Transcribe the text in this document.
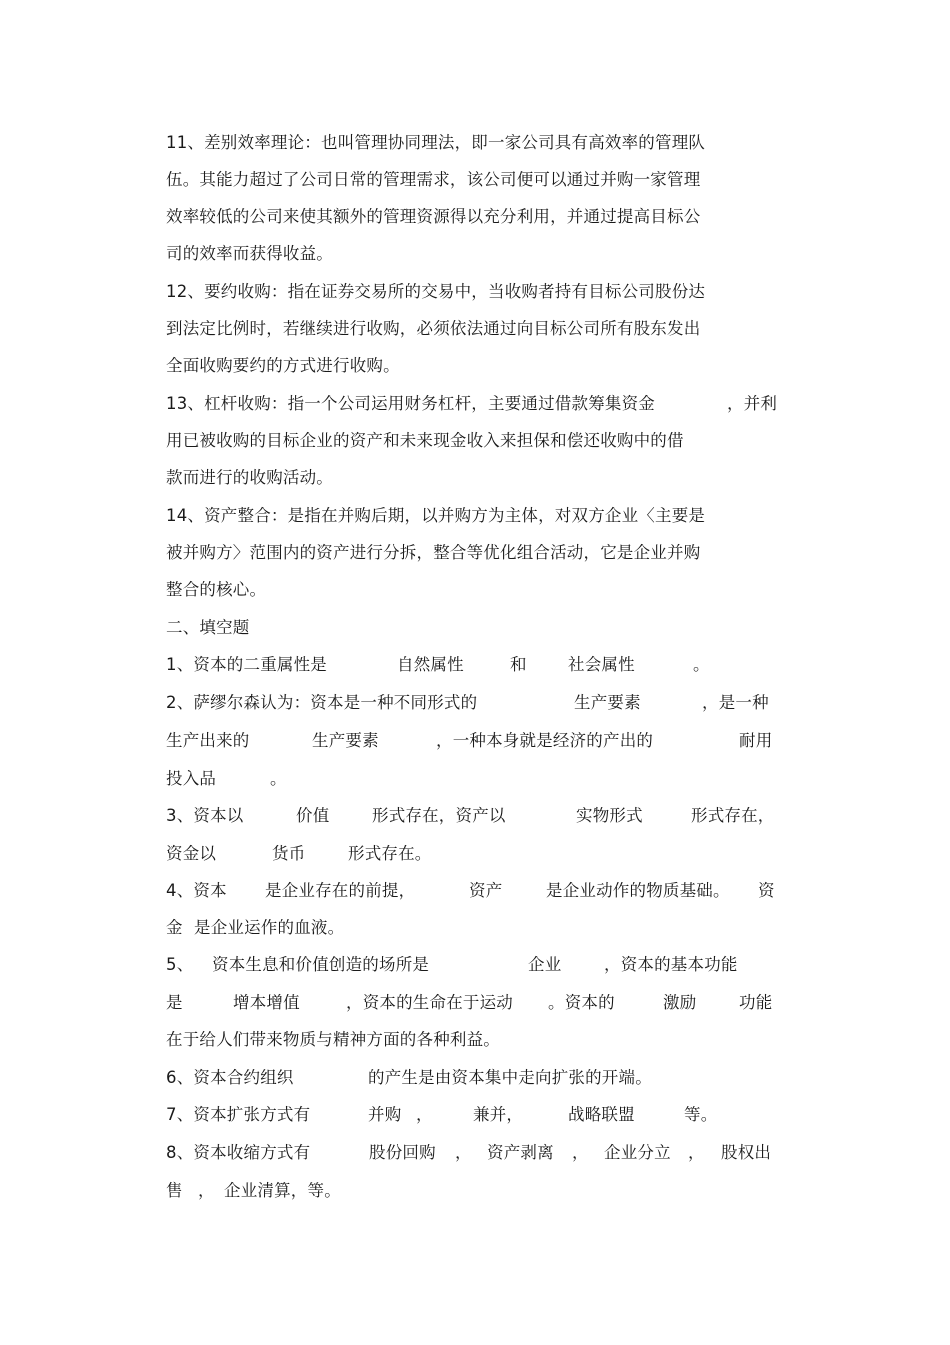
11、差别效率理论：也叫管理协同理法，即一家公司具有高效率的管理队
伍。其能力超过了公司日常的管理需求，该公司便可以通过并购一家管理
效率较低的公司来使其额外的管理资源得以充分利用，并通过提高目标公
司的效率而获得收益。
12、要约收购：指在证券交易所的交易中，当收购者持有目标公司股份达
到法定比例时，若继续进行收购，必须依法通过向目标公司所有股东发出
全面收购要约的方式进行收购。
13、杠杆收购：指一个公司运用财务杠杆，主要通过借款筹集资金	，并利
用已被收购的目标企业的资产和未来现金收入来担保和偿还收购中的借
款而进行的收购活动。
14、资产整合：是指在并购后期，以并购方为主体，对双方企业〈主要是
被并购方〉范围内的资产进行分拆，整合等优化组合活动，它是企业并购
整合的核心。
二、填空题
1、资本的二重属性是	自然属性	和	社会属性	。
2、萨缪尔森认为：资本是一种不同形式的	生产要素	，是一种
生产出来的	生产要素	，一种本身就是经济的产出的	耐用
投入品	。
3、资本以	价值	形式存在，资产以	实物形式	形式存在，
资金以	货币	形式存在。
4、资本 是企业存在的前提，	资产	是企业动作的物质基础。 资
金 是企业运作的血液。
5、 资本生息和价值创造的场所是	企业	，资本的基本功能
是	增本增值	，资本的生命在于运动 。资本的	激励	功能
在于给人们带来物质与精神方面的各种利益。
6、资本合约组织	的产生是由资本集中走向扩张的开端。
7、资本扩张方式有	并购 ， 兼并，	战略联盟	等。
8、资本收缩方式有	股份回购 ， 资产剥离 ， 企业分立 ， 股权出
售 ， 企业清算，等。
